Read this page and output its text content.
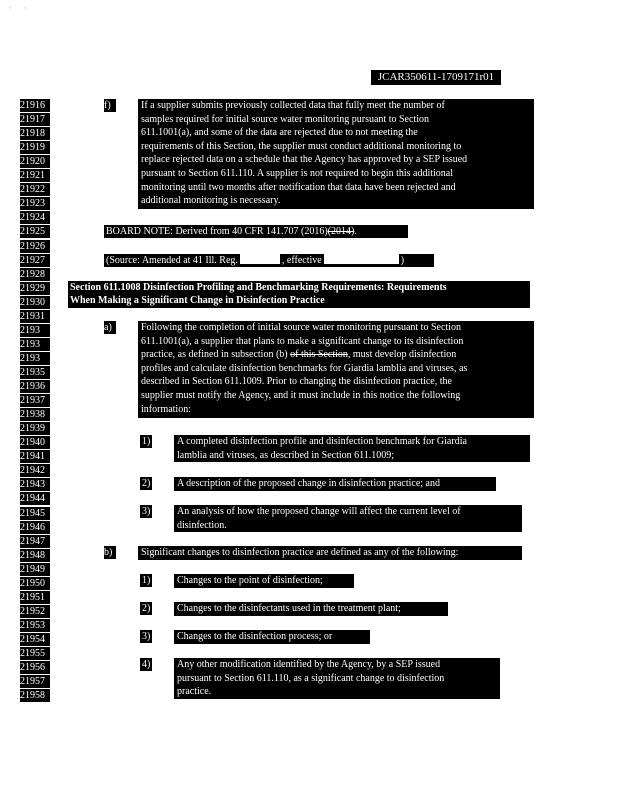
' '
JCAR350611-1709171r01
21916
21917
21918
21919
21920
21921
21922
21923
21924
21925
21926
21927
21928
21929
21930
21931
2193
2193
2193
21935
21936
21937
21938
21939
21940
21941
21942
21943
21944
21945
21946
21947
21948
21949
21950
21951
21952
21953
21954
21955
21956
21957
21958
f)	If a supplier submits previously collected data that fully meet the number of
samples required for initial source water monitoring pursuant to Section
611.1001(a), and some of the data are rejected due to not meeting the
requirements of this Section, the supplier must conduct additional monitoring to
replace rejected data on a schedule that the Agency has approved by a SEP issued
pursuant to Section 611.110. A supplier is not required to begin this additional
monitoring until two months after notification that data have been rejected and
additional monitoring is necessary.
BOARD NOTE: Derived from 40 CFR 141.707 (2016)(2014).
(Source: Amended at 41 Ill. Reg.	, effective	)
Section 611.1008 Disinfection Profiling and Benchmarking Requirements: Requirements
When Making a Significant Change in Disinfection Practice
a)	Following the completion of initial source water monitoring pursuant to Section
611.1001(a), a supplier that plans to make a significant change to its disinfection
practice, as defined in subsection (b) of this Section, must develop disinfection
profiles and calculate disinfection benchmarks for Giardia lamblia and viruses, as
described in Section 611.1009. Prior to changing the disinfection practice, the
supplier must notify the Agency, and it must include in this notice the following
information:
1)	A completed disinfection profile and disinfection benchmark for Giardia
lamblia and viruses, as described in Section 611.1009;
2)	A description of the proposed change in disinfection practice; and
3)	An analysis of how the proposed change will affect the current level of
disinfection.
b)	Significant changes to disinfection practice are defined as any of the following:
1)	Changes to the point of disinfection;
2)	Changes to the disinfectants used in the treatment plant;
3)	Changes to the disinfection process; or
4)	Any other modification identified by the Agency, by a SEP issued
pursuant to Section 611.110, as a significant change to disinfection
practice.
